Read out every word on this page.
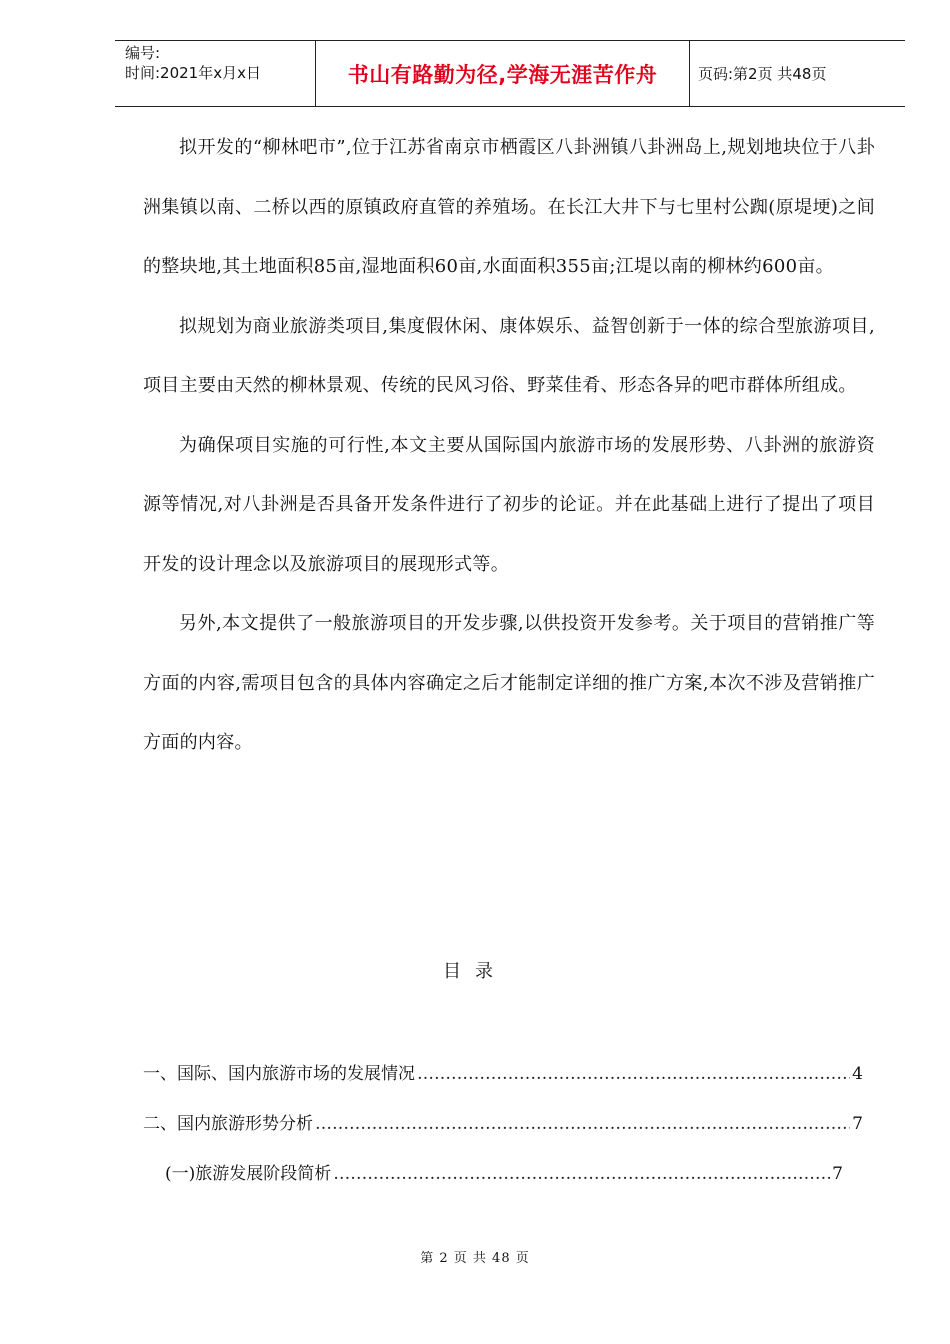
编号:
时间:2021年x月x日	书山有路勤为径,学海无涯苦作舟	页码:第2页 共48页

拟开发的“柳林吧市”,位于江苏省南京市栖霞区八卦洲镇八卦洲岛上,规划地块位于八卦洲集镇以南、二桥以西的原镇政府直管的养殖场。在长江大井下与七里村公踟(原堤埂)之间的整块地,其土地面积85亩,湿地面积60亩,水面面积355亩;江堤以南的柳林约600亩。

拟规划为商业旅游类项目,集度假休闲、康体娱乐、益智创新于一体的综合型旅游项目,项目主要由天然的柳林景观、传统的民风习俗、野菜佳肴、形态各异的吧市群体所组成。

为确保项目实施的可行性,本文主要从国际国内旅游市场的发展形势、八卦洲的旅游资源等情况,对八卦洲是否具备开发条件进行了初步的论证。并在此基础上进行了提出了项目开发的设计理念以及旅游项目的展现形式等。

另外,本文提供了一般旅游项目的开发步骤,以供投资开发参考。关于项目的营销推广等方面的内容,需项目包含的具体内容确定之后才能制定详细的推广方案,本次不涉及营销推广方面的内容。

目录
一、国际、国内旅游市场的发展情况 …………………………………………………………………………………………………………………………………………………………	4
二、国内旅游形势分析 …………………………………………………………………………………………………………………………………………………………	7
(一)旅游发展阶段简析 …………………………………………………………………………………………………………………………………………………………	7
第 2 页 共 48 页
